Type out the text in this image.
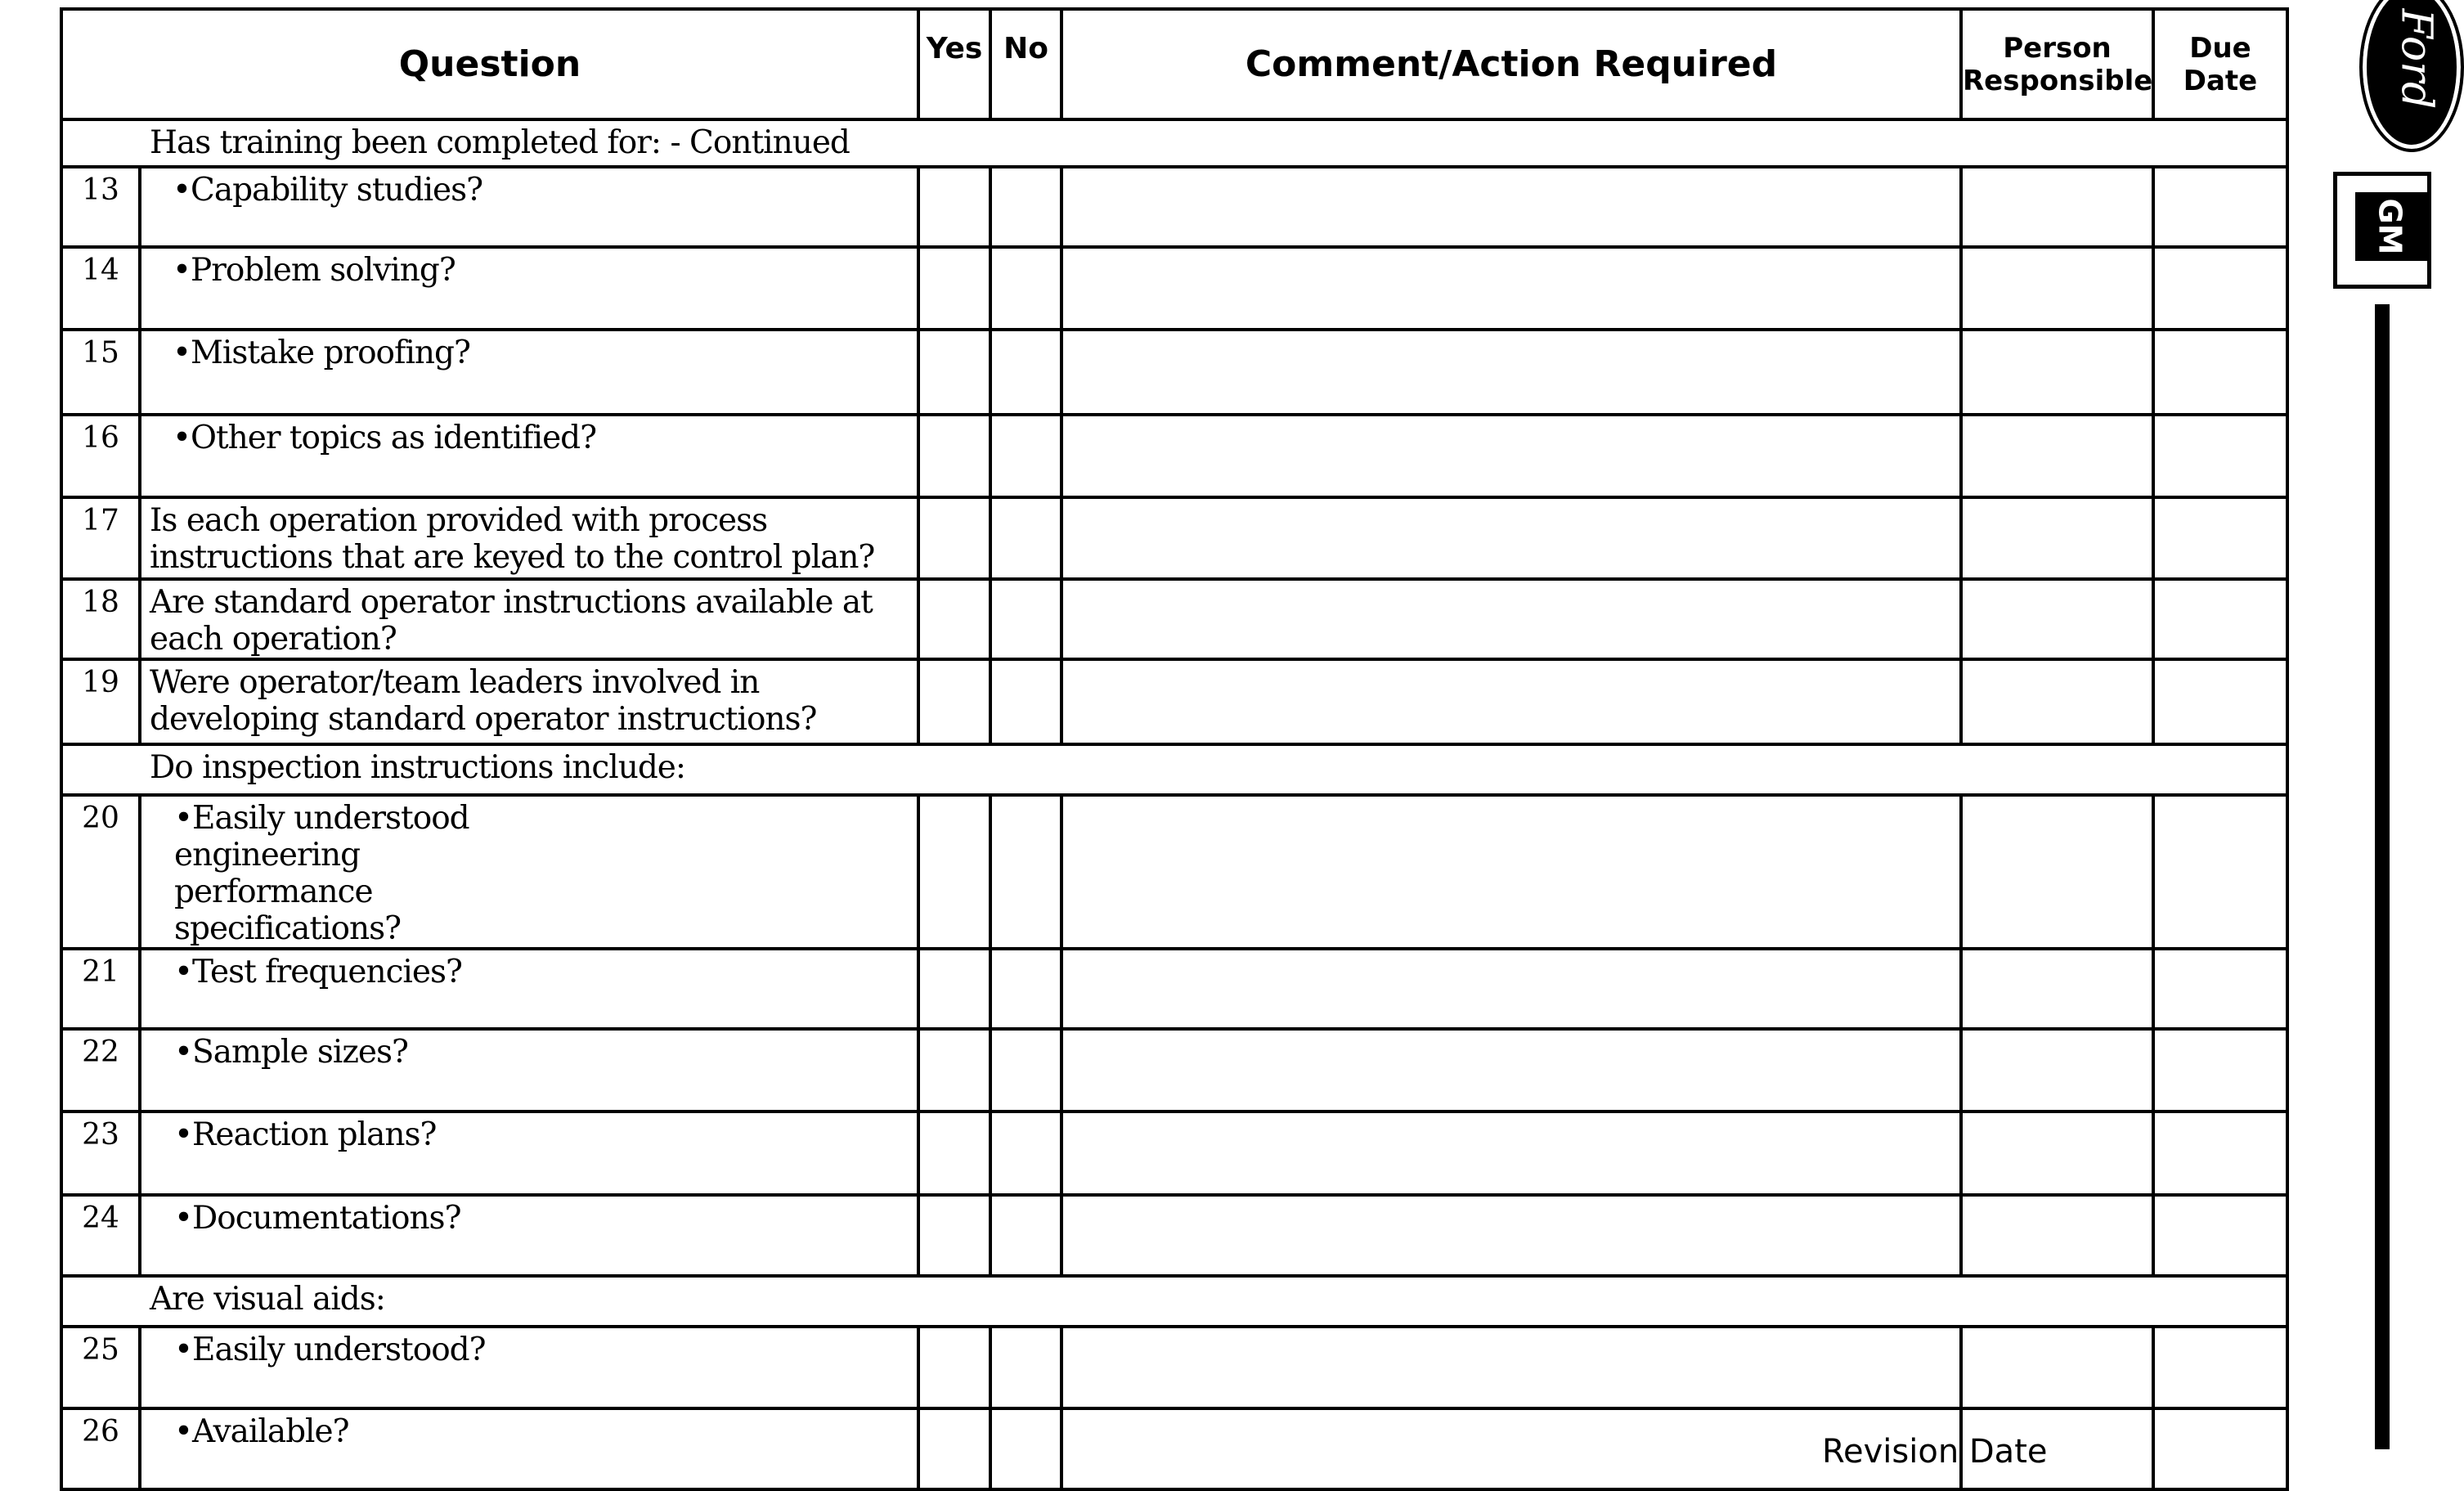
Question		Yes	No	Comment/Action Required	Person Responsible	Due Date
Has training been completed for: - Continued						
13	•Capability studies?					

14	•Problem solving?					

15	•Mistake proofing?					

16	•Other topics as identified?					

17	Is each operation provided with process instructions that are keyed to the control plan?					

18	Are standard operator instructions available at each operation?					

19	Were operator/team leaders involved in developing standard operator instructions?					

Do inspection instructions include:						
20	•Easily understood engineering performance specifications?					

21	•Test frequencies?					

22	•Sample sizes?					

23	•Reaction plans?					

24	•Documentations?					

Are visual aids:						
25	•Easily understood?					

26	•Available?					

Ford
GM
Revision Date
